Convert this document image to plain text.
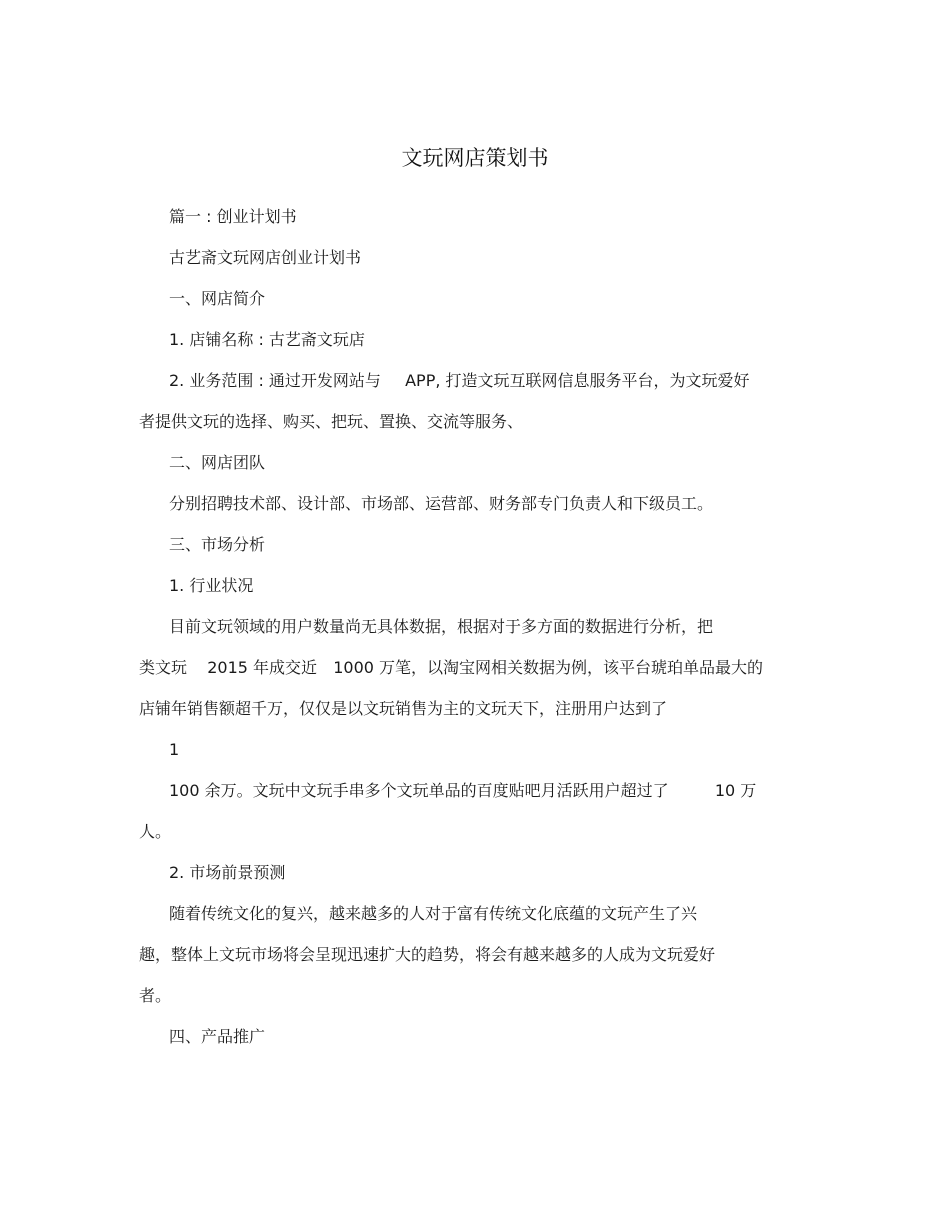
文玩网店策划书
篇一 : 创业计划书
古艺斋文玩网店创业计划书
一、网店简介
1. 店铺名称 : 古艺斋文玩店
2. 业务范围 : 通过开发网站与 APP, 打造文玩互联网信息服务平台，为文玩爱好
者提供文玩的选择、购买、把玩、置换、交流等服务、
二、网店团队
分别招聘技术部、设计部、市场部、运营部、财务部专门负责人和下级员工。
三、市场分析
1. 行业状况
目前文玩领域的用户数量尚无具体数据，根据对于多方面的数据进行分析，把
类文玩 2015 年成交近 1000 万笔，以淘宝网相关数据为例，该平台琥珀单品最大的
店铺年销售额超千万，仅仅是以文玩销售为主的文玩天下，注册用户达到了
1
100 余万。文玩中文玩手串多个文玩单品的百度贴吧月活跃用户超过了	10 万
人。
2. 市场前景预测
随着传统文化的复兴，越来越多的人对于富有传统文化底蕴的文玩产生了兴
趣，整体上文玩市场将会呈现迅速扩大的趋势，将会有越来越多的人成为文玩爱好
者。
四、产品推广
